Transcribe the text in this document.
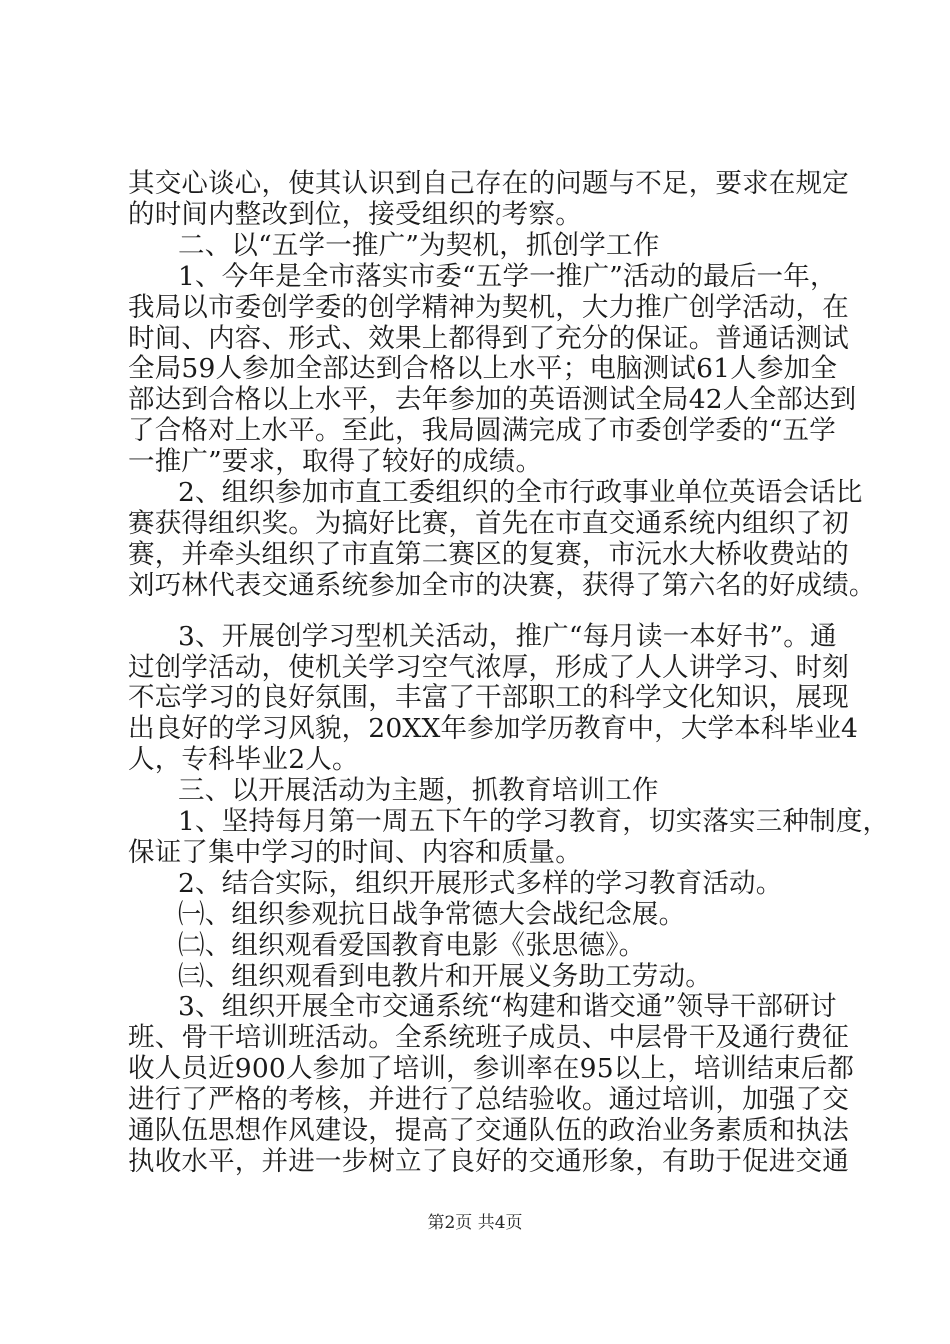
其交心谈心，使其认识到自己存在的问题与不足，要求在规定
的时间内整改到位，接受组织的考察。
二、以“五学一推广”为契机，抓创学工作
1、今年是全市落实市委“五学一推广”活动的最后一年，
我局以市委创学委的创学精神为契机，大力推广创学活动，在
时间、内容、形式、效果上都得到了充分的保证。普通话测试
全局59人参加全部达到合格以上水平；电脑测试61人参加全
部达到合格以上水平，去年参加的英语测试全局42人全部达到
了合格对上水平。至此，我局圆满完成了市委创学委的“五学
一推广”要求，取得了较好的成绩。
2、组织参加市直工委组织的全市行政事业单位英语会话比
赛获得组织奖。为搞好比赛，首先在市直交通系统内组织了初
赛，并牵头组织了市直第二赛区的复赛，市沅水大桥收费站的
刘巧林代表交通系统参加全市的决赛，获得了第六名的好成绩。
3、开展创学习型机关活动，推广“每月读一本好书”。通
过创学活动，使机关学习空气浓厚，形成了人人讲学习、时刻
不忘学习的良好氛围，丰富了干部职工的科学文化知识，展现
出良好的学习风貌，20XX年参加学历教育中，大学本科毕业4
人，专科毕业2人。
三、以开展活动为主题，抓教育培训工作
1、坚持每月第一周五下午的学习教育，切实落实三种制度，
保证了集中学习的时间、内容和质量。
2、结合实际，组织开展形式多样的学习教育活动。
㈠、组织参观抗日战争常德大会战纪念展。
㈡、组织观看爱国教育电影《张思德》。
㈢、组织观看到电教片和开展义务助工劳动。
3、组织开展全市交通系统“构建和谐交通”领导干部研讨
班、骨干培训班活动。全系统班子成员、中层骨干及通行费征
收人员近900人参加了培训，参训率在95以上，培训结束后都
进行了严格的考核，并进行了总结验收。通过培训，加强了交
通队伍思想作风建设，提高了交通队伍的政治业务素质和执法
执收水平，并进一步树立了良好的交通形象，有助于促进交通
第2页 共4页
